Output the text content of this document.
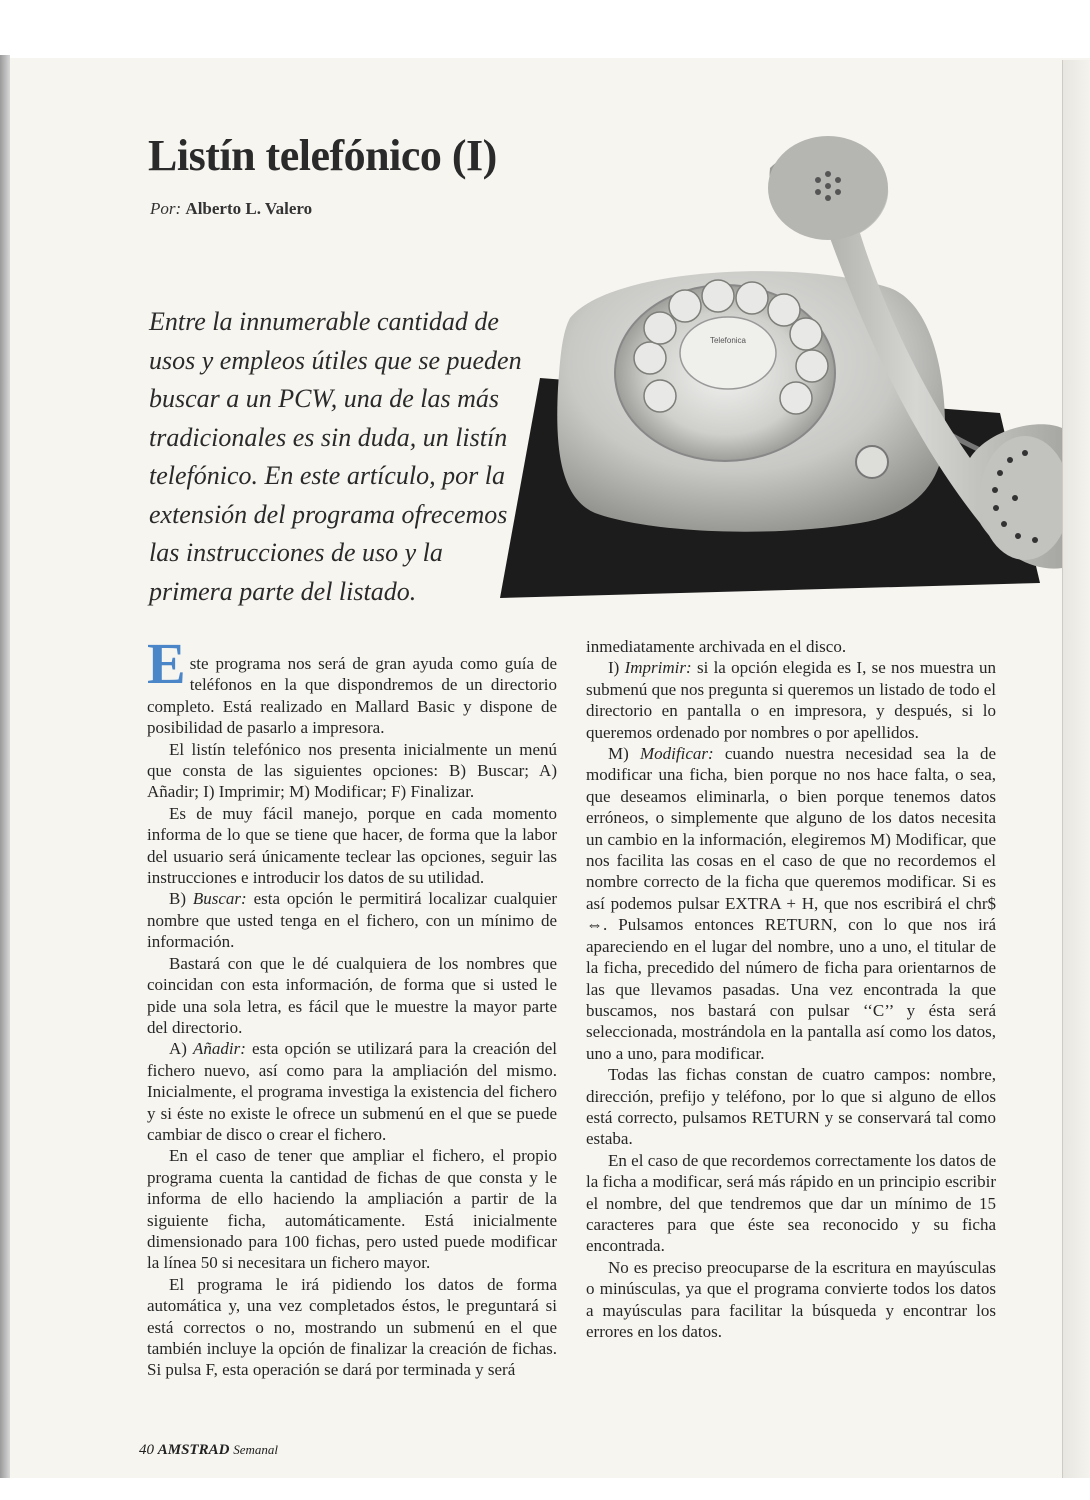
Listín telefónico (I)
Por: Alberto L. Valero

Entre la innumerable cantidad de usos y empleos útiles que se pueden buscar a un PCW, una de las más tradicionales es sin duda, un listín telefónico. En este artículo, por la extensión del programa ofrecemos las instrucciones de uso y la primera parte del listado.

Telefonica

Este programa nos será de gran ayuda como guía de teléfonos en la que dispondremos de un directorio completo. Está realizado en Mallard Basic y dispone de posibilidad de pasarlo a impresora.

El listín telefónico nos presenta inicialmente un menú que consta de las siguientes opciones: B) Buscar; A) Añadir; I) Imprimir; M) Modificar; F) Finalizar.

Es de muy fácil manejo, porque en cada momento informa de lo que se tiene que hacer, de forma que la labor del usuario será únicamente teclear las opciones, seguir las instrucciones e introducir los datos de su utilidad.

B) Buscar: esta opción le permitirá localizar cualquier nombre que usted tenga en el fichero, con un mínimo de información.

Bastará con que le dé cualquiera de los nombres que coincidan con esta información, de forma que si usted le pide una sola letra, es fácil que le muestre la mayor parte del directorio.

A) Añadir: esta opción se utilizará para la creación del fichero nuevo, así como para la ampliación del mismo. Inicialmente, el programa investiga la existencia del fichero y si éste no existe le ofrece un submenú en el que se puede cambiar de disco o crear el fichero.

En el caso de tener que ampliar el fichero, el propio programa cuenta la cantidad de fichas de que consta y le informa de ello haciendo la ampliación a partir de la siguiente ficha, automáticamente. Está inicialmente dimensionado para 100 fichas, pero usted puede modificar la línea 50 si necesitara un fichero mayor.

El programa le irá pidiendo los datos de forma automática y, una vez completados éstos, le preguntará si está correctos o no, mostrando un submenú en el que también incluye la opción de finalizar la creación de fichas. Si pulsa F, esta operación se dará por terminada y será

inmediatamente archivada en el disco.

I) Imprimir: si la opción elegida es I, se nos muestra un submenú que nos pregunta si queremos un listado de todo el directorio en pantalla o en impresora, y después, si lo queremos ordenado por nombres o por apellidos.

M) Modificar: cuando nuestra necesidad sea la de modificar una ficha, bien porque no nos hace falta, o sea, que deseamos eliminarla, o bien porque tenemos datos erróneos, o simplemente que alguno de los datos necesita un cambio en la información, elegiremos M) Modificar, que nos facilita las cosas en el caso de que no recordemos el nombre correcto de la ficha que queremos modificar. Si es así podemos pulsar EXTRA + H, que nos escribirá el chr$ ⇔. Pulsamos entonces RETURN, con lo que nos irá apareciendo en el lugar del nombre, uno a uno, el titular de la ficha, precedido del número de ficha para orientarnos de las que llevamos pasadas. Una vez encontrada la que buscamos, nos bastará con pulsar ‘‘C’’ y ésta será seleccionada, mostrándola en la pantalla así como los datos, uno a uno, para modificar.

Todas las fichas constan de cuatro campos: nombre, dirección, prefijo y teléfono, por lo que si alguno de ellos está correcto, pulsamos RETURN y se conservará tal como estaba.

En el caso de que recordemos correctamente los datos de la ficha a modificar, será más rápido en un principio escribir el nombre, del que tendremos que dar un mínimo de 15 caracteres para que éste sea reconocido y su ficha encontrada.

No es preciso preocuparse de la escritura en mayúsculas o minúsculas, ya que el programa convierte todos los datos a mayúsculas para facilitar la búsqueda y encontrar los errores en los datos.

40 AMSTRAD Semanal
